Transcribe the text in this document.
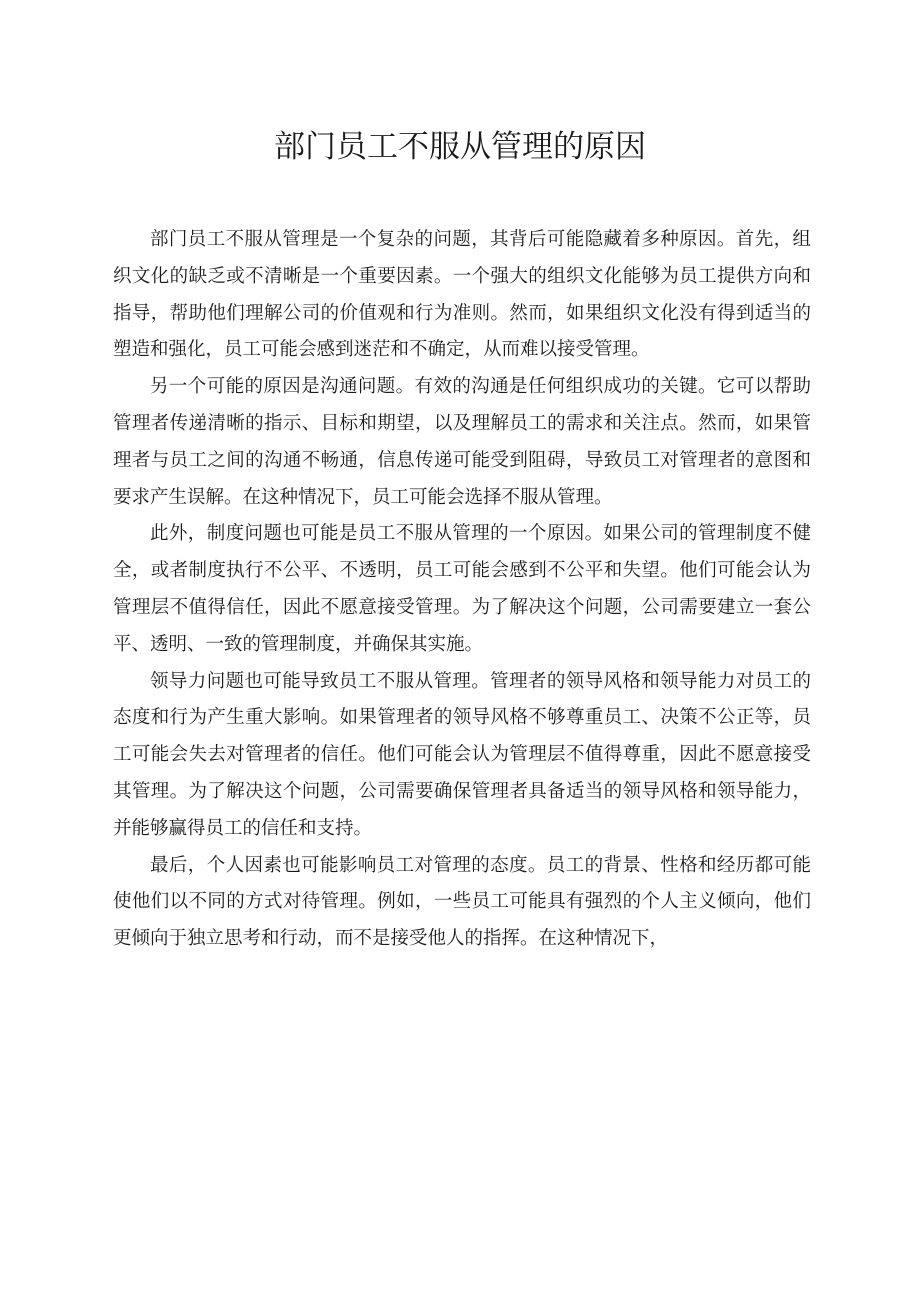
部门员工不服从管理的原因

部门员工不服从管理是一个复杂的问题，其背后可能隐藏着多种原因。首先，组织文化的缺乏或不清晰是一个重要因素。一个强大的组织文化能够为员工提供方向和指导，帮助他们理解公司的价值观和行为准则。然而，如果组织文化没有得到适当的塑造和强化，员工可能会感到迷茫和不确定，从而难以接受管理。

另一个可能的原因是沟通问题。有效的沟通是任何组织成功的关键。它可以帮助管理者传递清晰的指示、目标和期望，以及理解员工的需求和关注点。然而，如果管理者与员工之间的沟通不畅通，信息传递可能受到阻碍，导致员工对管理者的意图和要求产生误解。在这种情况下，员工可能会选择不服从管理。

此外，制度问题也可能是员工不服从管理的一个原因。如果公司的管理制度不健全，或者制度执行不公平、不透明，员工可能会感到不公平和失望。他们可能会认为管理层不值得信任，因此不愿意接受管理。为了解决这个问题，公司需要建立一套公平、透明、一致的管理制度，并确保其实施。

领导力问题也可能导致员工不服从管理。管理者的领导风格和领导能力对员工的态度和行为产生重大影响。如果管理者的领导风格不够尊重员工、决策不公正等，员工可能会失去对管理者的信任。他们可能会认为管理层不值得尊重，因此不愿意接受其管理。为了解决这个问题，公司需要确保管理者具备适当的领导风格和领导能力，并能够赢得员工的信任和支持。

最后，个人因素也可能影响员工对管理的态度。员工的背景、性格和经历都可能使他们以不同的方式对待管理。例如，一些员工可能具有强烈的个人主义倾向，他们更倾向于独立思考和行动，而不是接受他人的指挥。在这种情况下，
